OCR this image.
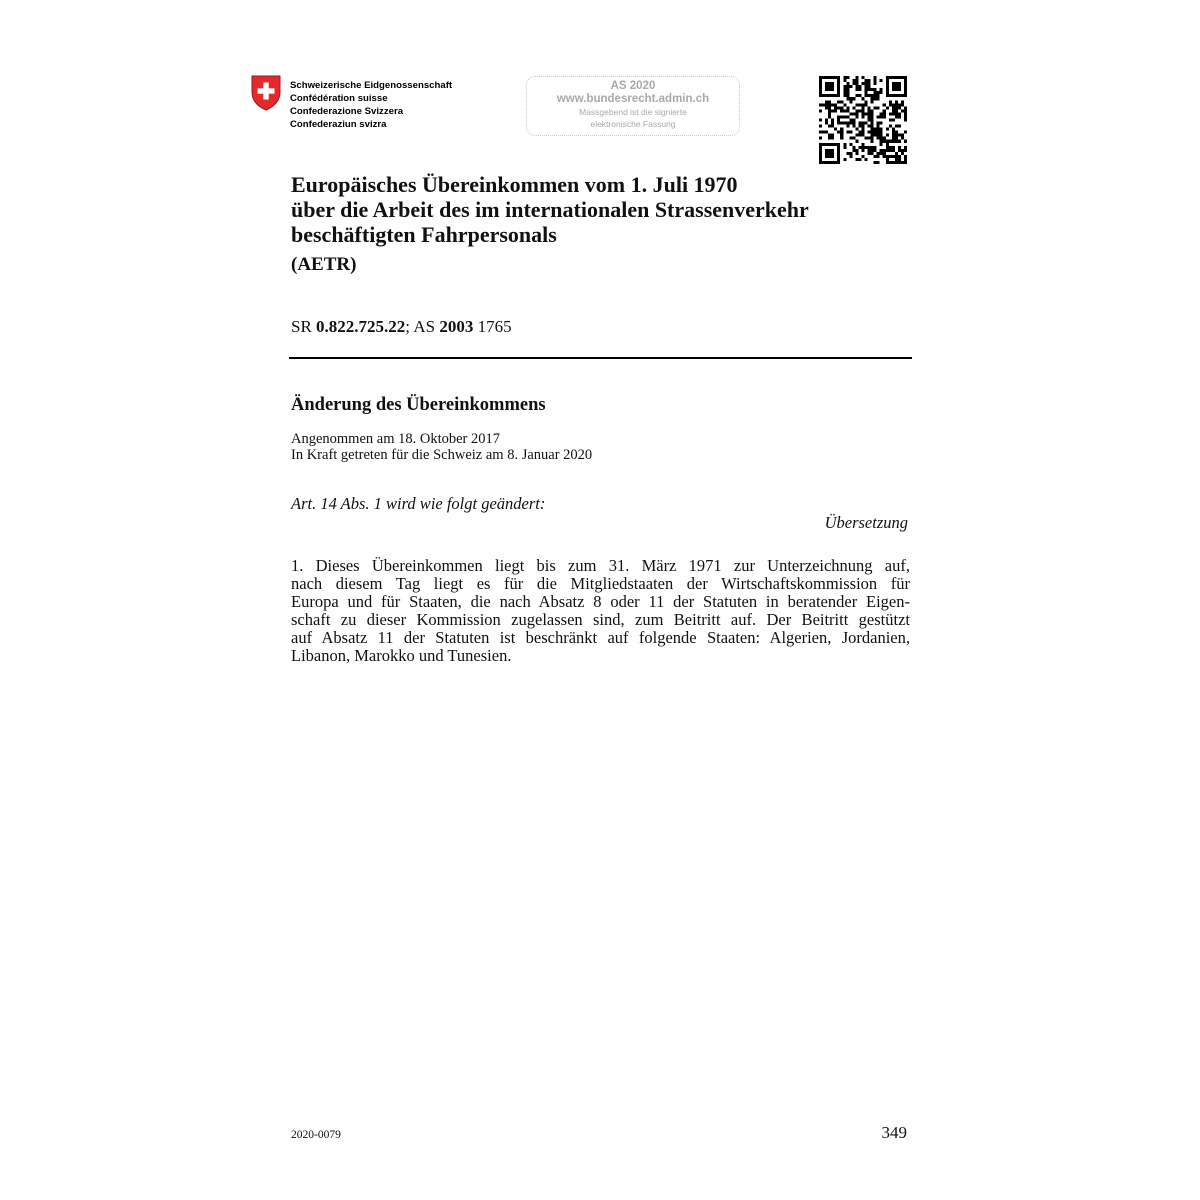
Schweizerische Eidgenossenschaft
Confédération suisse
Confederazione Svizzera
Confederaziun svizra
AS 2020
www.bundesrecht.admin.ch
Massgebend ist die signierte
elektronische Fassung
Europäisches Übereinkommen vom 1. Juli 1970
über die Arbeit des im internationalen Strassenverkehr
beschäftigten Fahrpersonals
(AETR)
SR 0.822.725.22; AS 2003 1765
Änderung des Übereinkommens
Angenommen am 18. Oktober 2017
In Kraft getreten für die Schweiz am 8. Januar 2020
Art. 14 Abs. 1 wird wie folgt geändert:
Übersetzung
1. Dieses Übereinkommen liegt bis zum 31. März 1971 zur Unterzeichnung auf,
nach diesem Tag liegt es für die Mitgliedstaaten der Wirtschaftskommission für
Europa und für Staaten, die nach Absatz 8 oder 11 der Statuten in beratender Eigen-
schaft zu dieser Kommission zugelassen sind, zum Beitritt auf. Der Beitritt gestützt
auf Absatz 11 der Statuten ist beschränkt auf folgende Staaten: Algerien, Jordanien,
Libanon, Marokko und Tunesien.
2020-0079	349
